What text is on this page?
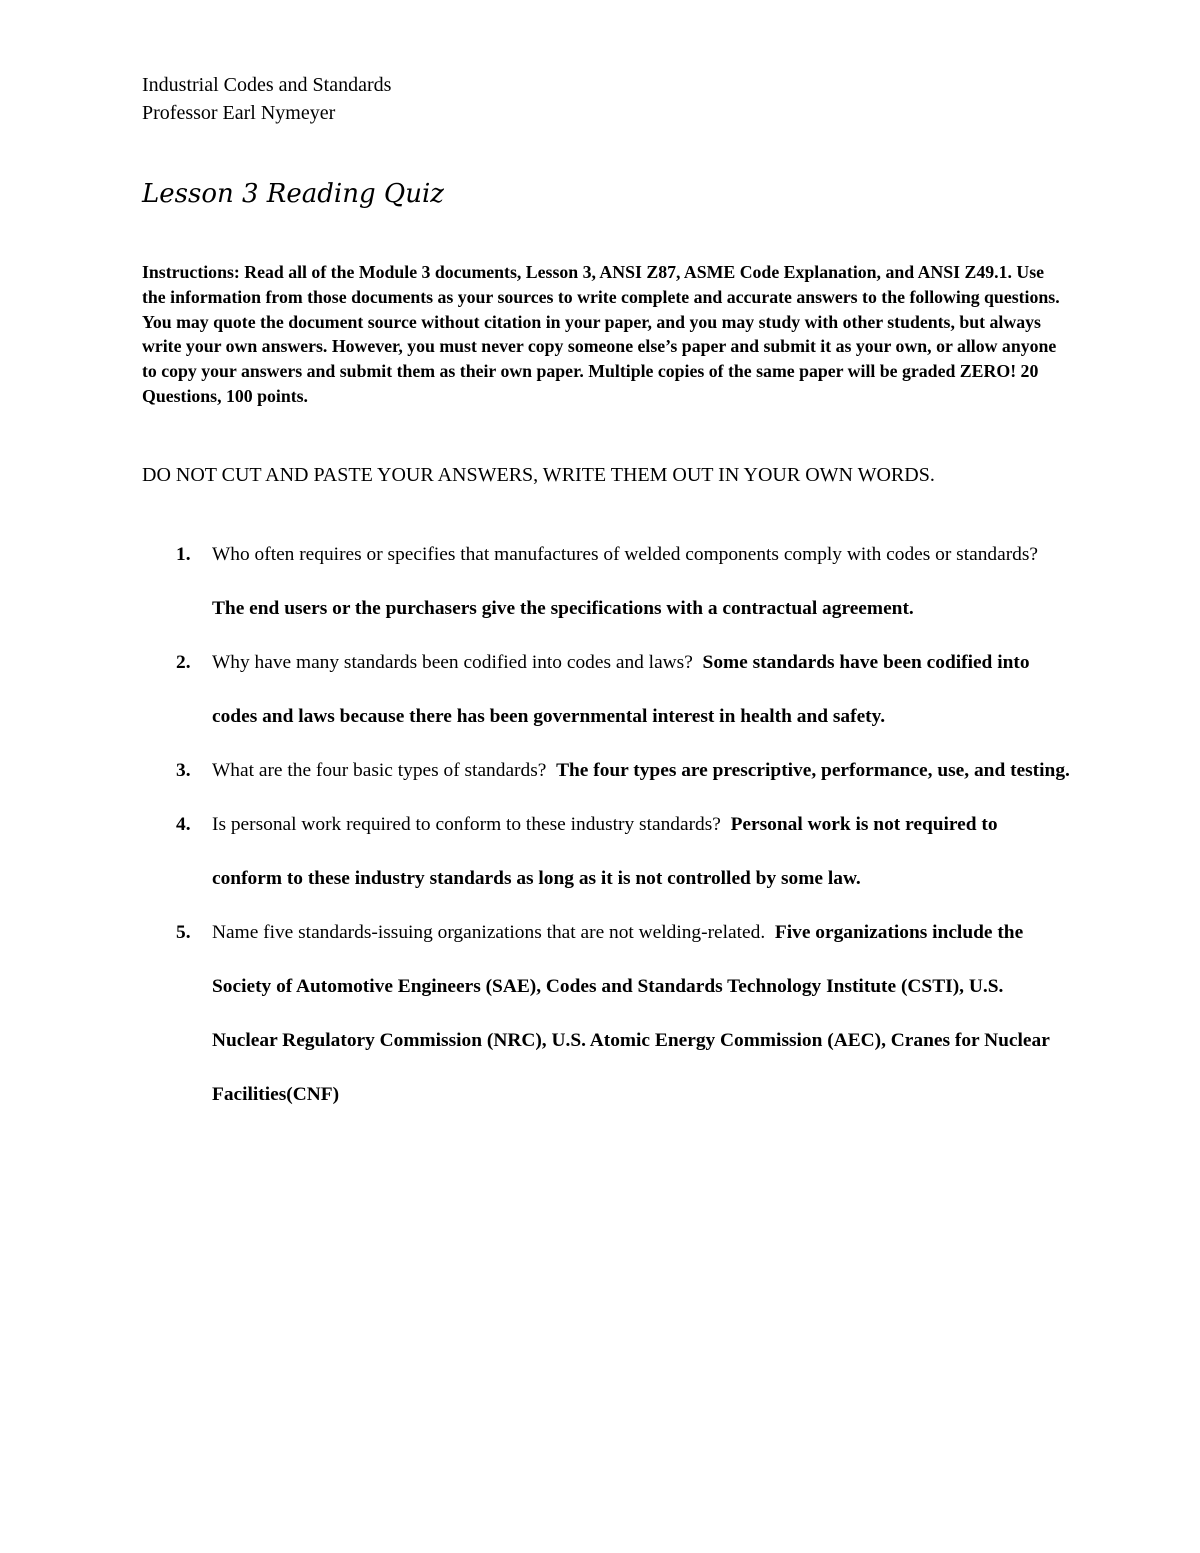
Industrial Codes and Standards
Professor Earl Nymeyer
Lesson 3 Reading Quiz
Instructions: Read all of the Module 3 documents, Lesson 3, ANSI Z87, ASME Code Explanation, and ANSI Z49.1. Use the information from those documents as your sources to write complete and accurate answers to the following questions. You may quote the document source without citation in your paper, and you may study with other students, but always write your own answers. However, you must never copy someone else’s paper and submit it as your own, or allow anyone to copy your answers and submit them as their own paper. Multiple copies of the same paper will be graded ZERO! 20 Questions, 100 points.
DO NOT CUT AND PASTE YOUR ANSWERS, WRITE THEM OUT IN YOUR OWN WORDS.
1. Who often requires or specifies that manufactures of welded components comply with codes or standards?  The end users or the purchasers give the specifications with a contractual agreement.
2. Why have many standards been codified into codes and laws?  Some standards have been codified into codes and laws because there has been governmental interest in health and safety.
3. What are the four basic types of standards?  The four types are prescriptive, performance, use, and testing.
4. Is personal work required to conform to these industry standards?  Personal work is not required to conform to these industry standards as long as it is not controlled by some law.
5. Name five standards-issuing organizations that are not welding-related.  Five organizations include the Society of Automotive Engineers (SAE), Codes and Standards Technology Institute (CSTI), U.S. Nuclear Regulatory Commission (NRC), U.S. Atomic Energy Commission (AEC), Cranes for Nuclear Facilities(CNF)
